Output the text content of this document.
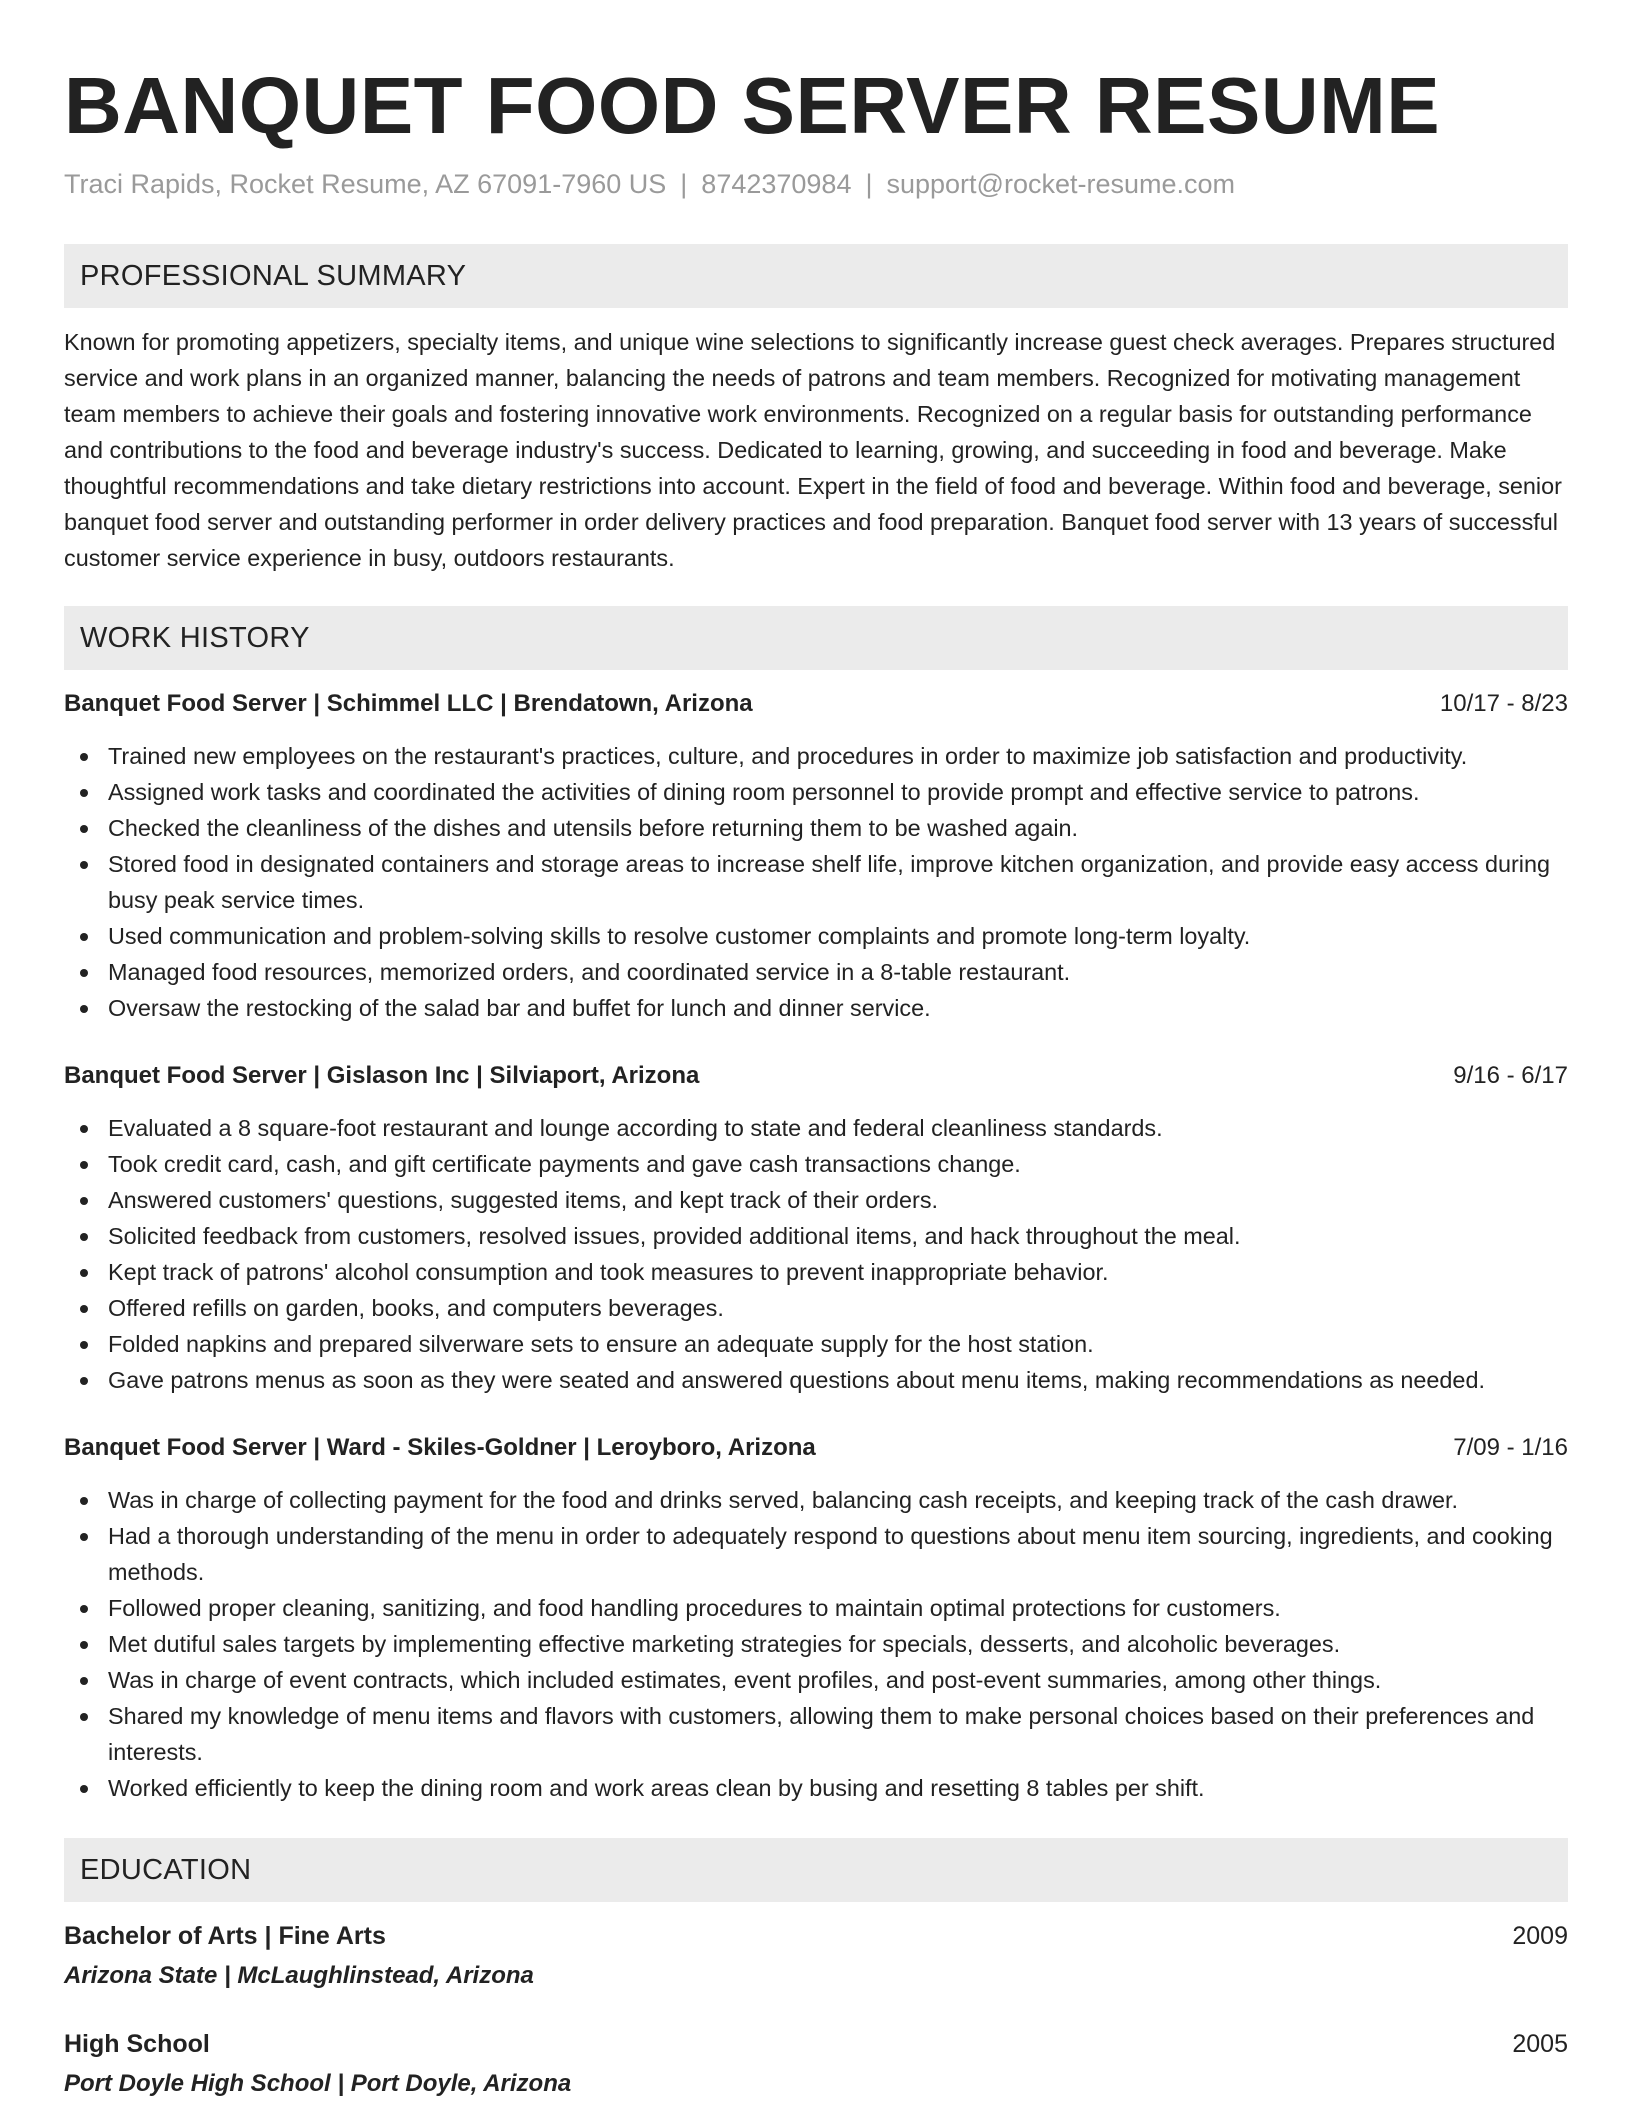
BANQUET FOOD SERVER RESUME
Traci Rapids, Rocket Resume, AZ 67091-7960 US | 8742370984 | support@rocket-resume.com
PROFESSIONAL SUMMARY

Known for promoting appetizers, specialty items, and unique wine selections to significantly increase guest check averages. Prepares structured service and work plans in an organized manner, balancing the needs of patrons and team members. Recognized for motivating management team members to achieve their goals and fostering innovative work environments. Recognized on a regular basis for outstanding performance and contributions to the food and beverage industry's success. Dedicated to learning, growing, and succeeding in food and beverage. Make thoughtful recommendations and take dietary restrictions into account. Expert in the field of food and beverage. Within food and beverage, senior banquet food server and outstanding performer in order delivery practices and food preparation. Banquet food server with 13 years of successful customer service experience in busy, outdoors restaurants.

WORK HISTORY
Banquet Food Server | Schimmel LLC | Brendatown, Arizona	10/17 - 8/23
Trained new employees on the restaurant's practices, culture, and procedures in order to maximize job satisfaction and productivity.
Assigned work tasks and coordinated the activities of dining room personnel to provide prompt and effective service to patrons.
Checked the cleanliness of the dishes and utensils before returning them to be washed again.
Stored food in designated containers and storage areas to increase shelf life, improve kitchen organization, and provide easy access during busy peak service times.
Used communication and problem-solving skills to resolve customer complaints and promote long-term loyalty.
Managed food resources, memorized orders, and coordinated service in a 8-table restaurant.
Oversaw the restocking of the salad bar and buffet for lunch and dinner service.
Banquet Food Server | Gislason Inc | Silviaport, Arizona	9/16 - 6/17
Evaluated a 8 square-foot restaurant and lounge according to state and federal cleanliness standards.
Took credit card, cash, and gift certificate payments and gave cash transactions change.
Answered customers' questions, suggested items, and kept track of their orders.
Solicited feedback from customers, resolved issues, provided additional items, and hack throughout the meal.
Kept track of patrons' alcohol consumption and took measures to prevent inappropriate behavior.
Offered refills on garden, books, and computers beverages.
Folded napkins and prepared silverware sets to ensure an adequate supply for the host station.
Gave patrons menus as soon as they were seated and answered questions about menu items, making recommendations as needed.
Banquet Food Server | Ward - Skiles-Goldner | Leroyboro, Arizona	7/09 - 1/16
Was in charge of collecting payment for the food and drinks served, balancing cash receipts, and keeping track of the cash drawer.
Had a thorough understanding of the menu in order to adequately respond to questions about menu item sourcing, ingredients, and cooking methods.
Followed proper cleaning, sanitizing, and food handling procedures to maintain optimal protections for customers.
Met dutiful sales targets by implementing effective marketing strategies for specials, desserts, and alcoholic beverages.
Was in charge of event contracts, which included estimates, event profiles, and post-event summaries, among other things.
Shared my knowledge of menu items and flavors with customers, allowing them to make personal choices based on their preferences and interests.
Worked efficiently to keep the dining room and work areas clean by busing and resetting 8 tables per shift.
EDUCATION
Bachelor of Arts | Fine Arts	2009
Arizona State | McLaughlinstead, Arizona
High School	2005
Port Doyle High School | Port Doyle, Arizona
